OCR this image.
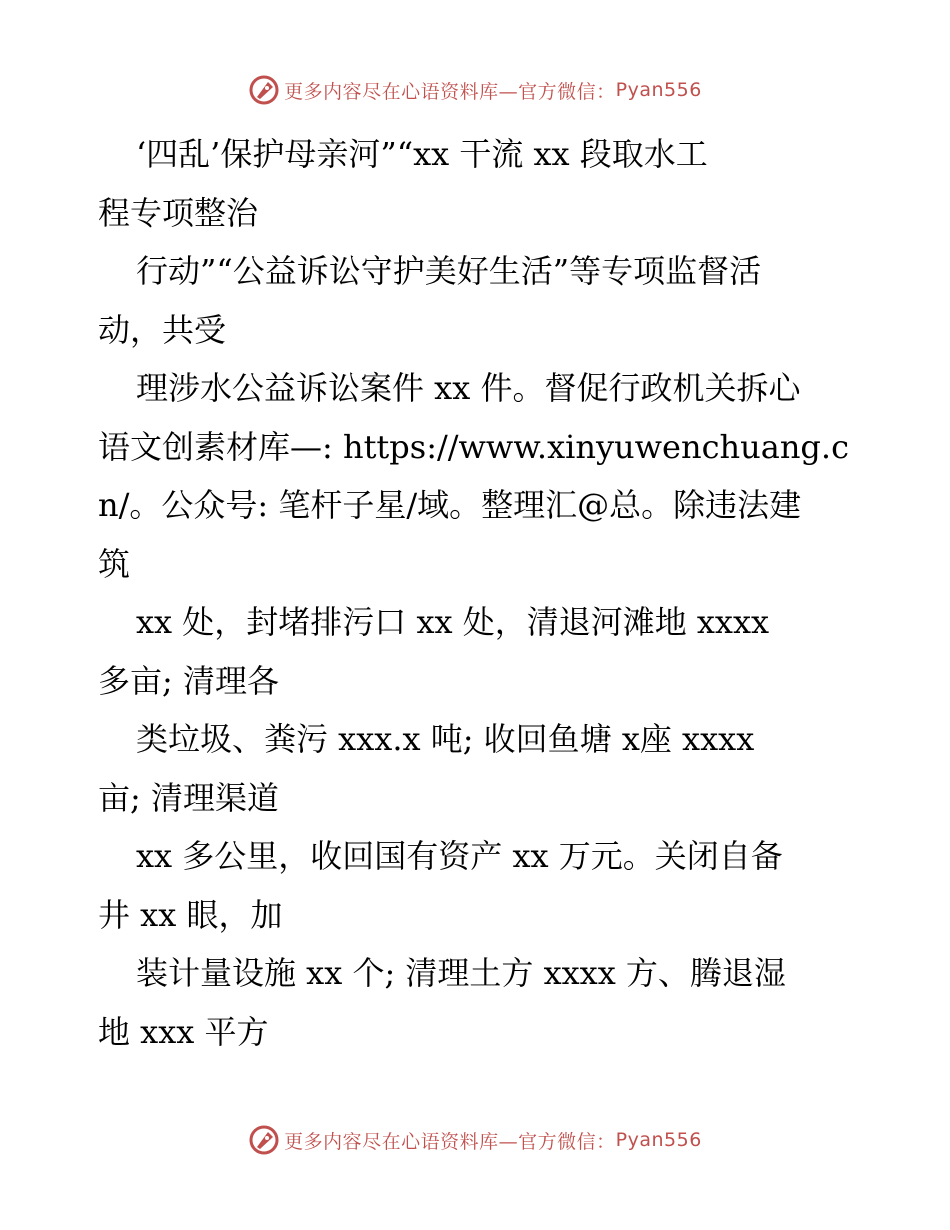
更多内容尽在心语资料库—官方微信： Pyan556
‘四乱’保护母亲河”“xx 干流 xx 段取水工
程专项整治
行动”“公益诉讼守护美好生活”等专项监督活
动，共受
理涉水公益诉讼案件 xx 件。督促行政机关拆心
语文创素材库—: https://www.xinyuwenchuang.c
n/。公众号: 笔杆子星/域。整理汇@总。除违法建
筑
xx 处，封堵排污口 xx 处，清退河滩地 xxxx
多亩; 清理各
类垃圾、粪污 xxx.x 吨; 收回鱼塘 x座 xxxx
亩; 清理渠道
xx 多公里，收回国有资产 xx 万元。关闭自备
井 xx 眼，加
装计量设施 xx 个; 清理土方 xxxx 方、腾退湿
地 xxx 平方
更多内容尽在心语资料库—官方微信： Pyan556
